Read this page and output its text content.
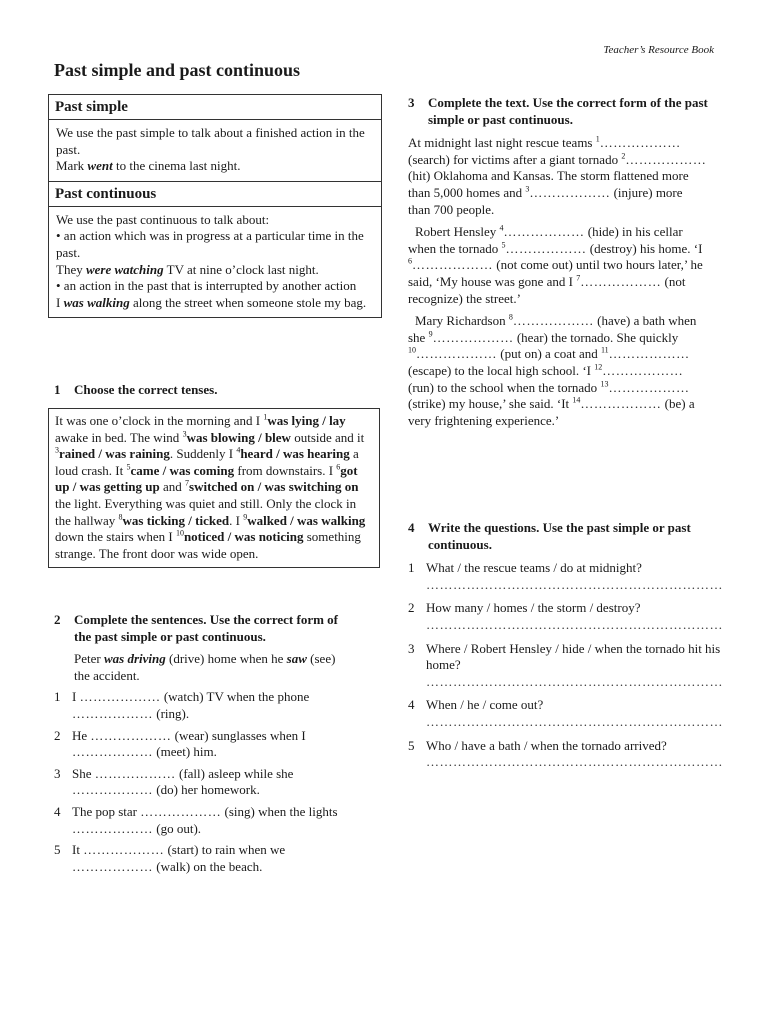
Teacher’s Resource Book
Past simple and past continuous
Past simple

We use the past simple to talk about a finished action in the past.

Mark went to the cinema last night.

Past continuous

We use the past continuous to talk about:

• an action which was in progress at a particular time in the past.

They were watching TV at nine o’clock last night.

• an action in the past that is interrupted by another action

I was walking along the street when someone stole my bag.

1	Choose the correct tenses.
It was one o’clock in the morning and I $^1$was lying / lay awake in bed. The wind $^3$was blowing / blew outside and it $^3$rained / was raining. Suddenly I $^4$heard / was hearing a loud crash. It $^5$came / was coming from downstairs. I $^6$got up / was getting up and $^7$switched on / was switching on the light. Everything was quiet and still. Only the clock in the hallway $^8$was ticking / ticked. I $^9$walked / was walking down the stairs when I $^{10}$noticed / was noticing something strange. The front door was wide open.
2	Complete the sentences. Use the correct form of the past simple or past continuous.

Peter was driving (drive) home when he saw (see) the accident.

1 I ……………… (watch) TV when the phone ……………… (ring).
2 He ……………… (wear) sunglasses when I ……………… (meet) him.
3 She ……………… (fall) asleep while she ……………… (do) her homework.
4 The pop star ……………… (sing) when the lights ……………… (go out).
5 It ……………… (start) to rain when we ……………… (walk) on the beach.
3	Complete the text. Use the correct form of the past simple or past continuous.

At midnight last night rescue teams $^1$……………… (search) for victims after a giant tornado $^2$……………… (hit) Oklahoma and Kansas. The storm flattened more than 5,000 homes and $^3$……………… (injure) more than 700 people.

Robert Hensley $^4$……………… (hide) in his cellar when the tornado $^5$……………… (destroy) his home. ‘I $^6$……………… (not come out) until two hours later,’ he said, ‘My house was gone and I $^7$……………… (not recognize) the street.’

Mary Richardson $^8$……………… (have) a bath when she $^9$……………… (hear) the tornado. She quickly $^{10}$……………… (put on) a coat and $^{11}$……………… (escape) to the local high school. ‘I $^{12}$……………… (run) to the school when the tornado $^{13}$……………… (strike) my house,’ she said. ‘It $^{14}$……………… (be) a very frightening experience.’

4	Write the questions. Use the past simple or past continuous.
1 What / the rescue teams / do at midnight?
…………………………………………………………
2 How many / homes / the storm / destroy?
…………………………………………………………
3 Where / Robert Hensley / hide / when the tornado hit his home?
…………………………………………………………
4 When / he / come out?
…………………………………………………………
5 Who / have a bath / when the tornado arrived?
…………………………………………………………
